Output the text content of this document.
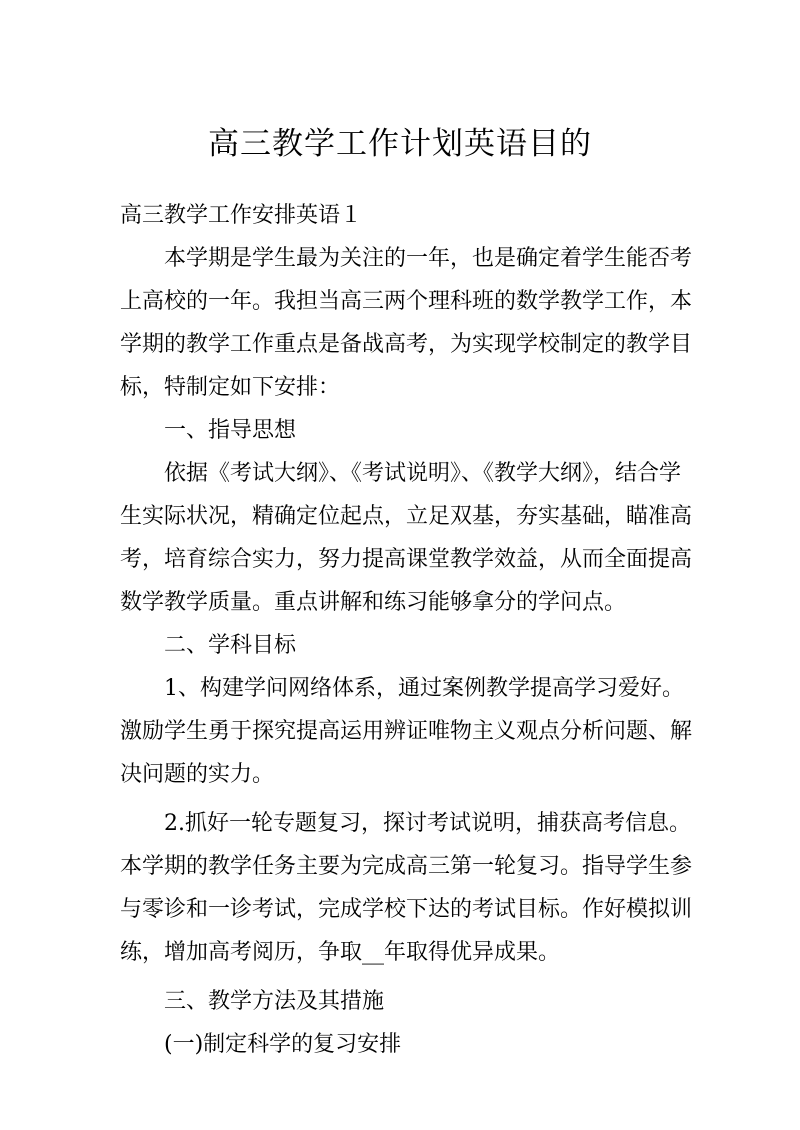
高三教学工作计划英语目的
高三教学工作安排英语１
本学期是学生最为关注的一年，也是确定着学生能否考
上高校的一年。我担当高三两个理科班的数学教学工作，本
学期的教学工作重点是备战高考，为实现学校制定的教学目
标，特制定如下安排：
一、指导思想
依据《考试大纲》、《考试说明》、《教学大纲》，结合学
生实际状况，精确定位起点，立足双基，夯实基础，瞄准高
考，培育综合实力，努力提高课堂教学效益，从而全面提高
数学教学质量。重点讲解和练习能够拿分的学问点。
二、学科目标
1、构建学问网络体系，通过案例教学提高学习爱好。
激励学生勇于探究提高运用辨证唯物主义观点分析问题、解
决问题的实力。
2.抓好一轮专题复习，探讨考试说明，捕获高考信息。
本学期的教学任务主要为完成高三第一轮复习。指导学生参
与零诊和一诊考试，完成学校下达的考试目标。作好模拟训
练，增加高考阅历，争取__年取得优异成果。
三、教学方法及其措施
(一)制定科学的复习安排
